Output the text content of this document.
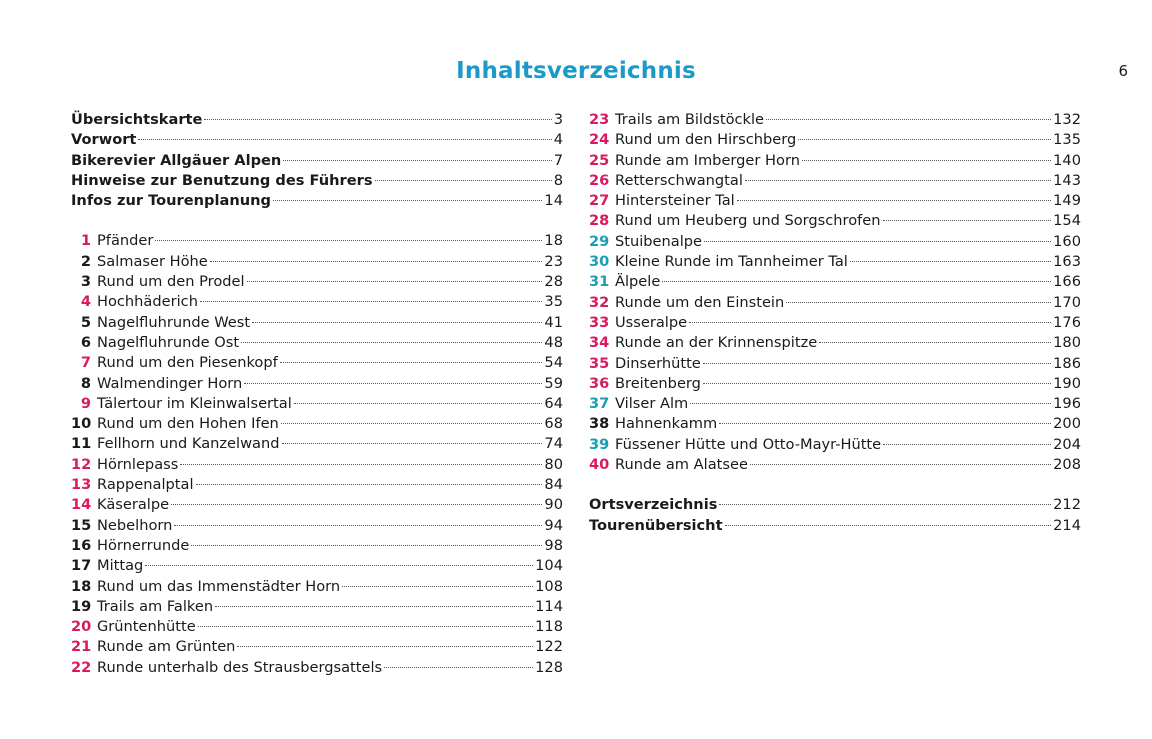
6
Inhaltsverzeichnis
Übersichtskarte	3
Vorwort	4
Bikerevier Allgäuer Alpen	7
Hinweise zur Benutzung des Führers	8
Infos zur Tourenplanung	14
1 Pfänder	18
2 Salmaser Höhe	23
3 Rund um den Prodel	28
4 Hochhäderich	35
5 Nagelfluhrunde West	41
6 Nagelfluhrunde Ost	48
7 Rund um den Piesenkopf	54
8 Walmendinger Horn	59
9 Tälertour im Kleinwalsertal	64
10 Rund um den Hohen Ifen	68
11 Fellhorn und Kanzelwand	74
12 Hörnlepass	80
13 Rappenalptal	84
14 Käseralpe	90
15 Nebelhorn	94
16 Hörnerrunde	98
17 Mittag	104
18 Rund um das Immenstädter Horn	108
19 Trails am Falken	114
20 Grüntenhütte	118
21 Runde am Grünten	122
22 Runde unterhalb des Strausbergsattels	128
23 Trails am Bildstöckle	132
24 Rund um den Hirschberg	135
25 Runde am Imberger Horn	140
26 Retterschwangtal	143
27 Hintersteiner Tal	149
28 Rund um Heuberg und Sorgschrofen	154
29 Stuibenalpe	160
30 Kleine Runde im Tannheimer Tal	163
31 Älpele	166
32 Runde um den Einstein	170
33 Usseralpe	176
34 Runde an der Krinnenspitze	180
35 Dinserhütte	186
36 Breitenberg	190
37 Vilser Alm	196
38 Hahnenkamm	200
39 Füssener Hütte und Otto-Mayr-Hütte	204
40 Runde am Alatsee	208
Ortsverzeichnis	212
Tourenübersicht	214
